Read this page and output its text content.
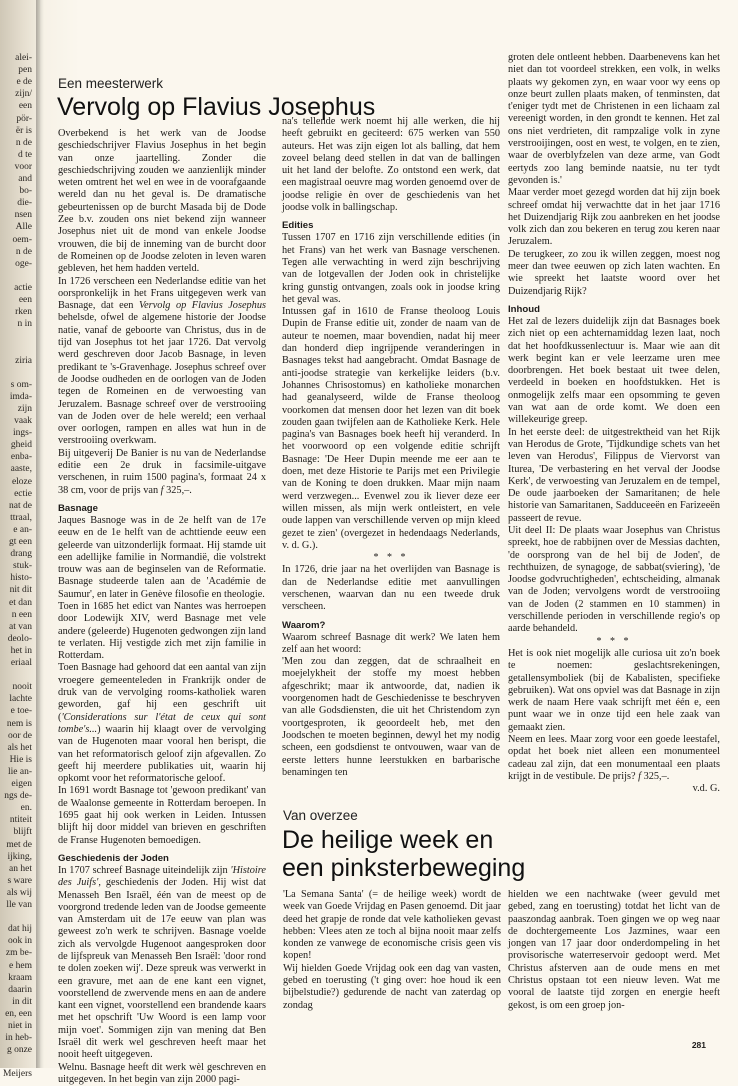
alei-
pen
e de
zijn/
een
pör-
ër is
n de
d te
voor
and
bo-
die-
nsen
Alle
oem-
n de
oge-
actie
een
rken
n in
ziria
s om-
imda-
zijn
vaak
ings-
gheid
enba-
aaste,
eloze
ectie
nat de
ttraal,
e an-
gt een
drang
stuk-
histo-
nit dit
et dan
n een
at van
deolo-
het in
eriaal
nooit
lachte
e toe-
nem is
oor de
als het
Hie is
lie an-
eigen
ngs de-
en.
ntiteit
blijft
met de
ijking,
an het
s ware
als wij
lle van
dat hij
ook in
zm be-
e hem
kraam
daarin
in dit
en, een
niet in
in heb-
g onze
Meijers
Een meesterwerk
Vervolg op Flavius Josephus

Overbekend is het werk van de Joodse geschiedschrijver Flavius Josephus in het begin van onze jaartelling. Zonder die geschiedschrijving zouden we aanzienlijk minder weten omtrent het wel en wee in de voorafgaande wereld dan nu het geval is. De dramatische gebeurtenissen op de burcht Masada bij de Dode Zee b.v. zouden ons niet bekend zijn wanneer Josephus niet uit de mond van enkele Joodse vrouwen, die bij de inneming van de burcht door de Romeinen op de Joodse zeloten in leven waren gebleven, het hem hadden verteld.

In 1726 verscheen een Nederlandse editie van het oorspronkelijk in het Frans uitgegeven werk van Basnage, dat een Vervolg op Flavius Josephus behelsde, ofwel de algemene historie der Joodse natie, vanaf de geboorte van Christus, dus in de tijd van Josephus tot het jaar 1726. Dat vervolg werd geschreven door Jacob Basnage, in leven predikant te 's-Gravenhage. Josephus schreef over de Joodse oudheden en de oorlogen van de Joden tegen de Romeinen en de verwoesting van Jeruzalem. Basnage schreef over de verstrooiing van de Joden over de hele wereld; een verhaal over oorlogen, rampen en alles wat hun in de verstrooiing overkwam.

Bij uitgeverij De Banier is nu van de Nederlandse editie een 2e druk in facsimile-uitgave verschenen, in ruim 1500 pagina's, formaat 24 x 38 cm, voor de prijs van f 325,–.

Basnage

Jaques Basnoge was in de 2e helft van de 17e eeuw en de 1e helft van de achttiende eeuw een geleerde van uitzonderlijk formaat. Hij stamde uit een adellijke familie in Normandië, die volstrekt trouw was aan de beginselen van de Reformatie. Basnage studeerde talen aan de 'Académie de Saumur', en later in Genève filosofie en theologie.

Toen in 1685 het edict van Nantes was herroepen door Lodewijk XIV, werd Basnage met vele andere (geleerde) Hugenoten gedwongen zijn land te verlaten. Hij vestigde zich met zijn familie in Rotterdam.

Toen Basnage had gehoord dat een aantal van zijn vroegere gemeenteleden in Frankrijk onder de druk van de vervolging rooms-katholiek waren geworden, gaf hij een geschrift uit ('Considerations sur l'état de ceux qui sont tombe's...) waarin hij klaagt over de vervolging van de Hugenoten maar vooral hen berispt, die van het reformatorisch geloof zijn afgevallen. Zo geeft hij meerdere publikaties uit, waarin hij opkomt voor het reformatorische geloof.

In 1691 wordt Basnage tot 'gewoon predikant' van de Waalonse gemeente in Rotterdam beroepen. In 1695 gaat hij ook werken in Leiden. Intussen blijft hij door middel van brieven en geschriften de Franse Hugenoten bemoedigen.

Geschiedenis der Joden

In 1707 schreef Basnage uiteindelijk zijn 'Histoire des Juifs', geschiedenis der Joden. Hij wist dat Menasseh Ben Israël, één van de meest op de voorgrond tredende leden van de Joodse gemeente van Amsterdam uit de 17e eeuw van plan was geweest zo'n werk te schrijven. Basnage voelde zich als vervolgde Hugenoot aangesproken door de lijfspreuk van Menasseh Ben Israël: 'door rond te dolen zoeken wij'. Deze spreuk was verwerkt in een gravure, met aan de ene kant een vignet, voorstellend de zwervende mens en aan de andere kant een vignet, voorstellend een brandende kaars met het opschrift 'Uw Woord is een lamp voor mijn voet'. Sommigen zijn van mening dat Ben Israël dit werk wel geschreven heeft maar het nooit heeft uitgegeven.

Welnu. Basnage heeft dit werk wèl geschreven en uitgegeven. In het begin van zijn 2000 pagi-

na's tellende werk noemt hij alle werken, die hij heeft gebruikt en geciteerd: 675 werken van 550 auteurs. Het was zijn eigen lot als balling, dat hem zoveel belang deed stellen in dat van de ballingen uit het land der belofte. Zo ontstond een werk, dat een magistraal oeuvre mag worden genoemd over de joodse religie èn over de geschiedenis van het joodse volk in ballingschap.

Edities

Tussen 1707 en 1716 zijn verschillende edities (in het Frans) van het werk van Basnage verschenen. Tegen alle verwachting in werd zijn beschrijving van de lotgevallen der Joden ook in christelijke kring gunstig ontvangen, zoals ook in joodse kring het geval was.

Intussen gaf in 1610 de Franse theoloog Louis Dupin de Franse editie uit, zonder de naam van de auteur te noemen, maar bovendien, nadat hij meer dan honderd diep ingrijpende veranderingen in Basnages tekst had aangebracht. Omdat Basnage de anti-joodse strategie van kerkelijke leiders (b.v. Johannes Chrisostomus) en katholieke monarchen had geanalyseerd, wilde de Franse theoloog voorkomen dat mensen door het lezen van dit boek zouden gaan twijfelen aan de Katholieke Kerk. Hele pagina's van Basnages boek heeft hij veranderd. In het voorwoord op een volgende editie schrijft Basnage: 'De Heer Dupin meende me eer aan te doen, met deze Historie te Parijs met een Privilegie van de Koning te doen drukken. Maar mijn naam werd verzwegen... Evenwel zou ik liever deze eer willen missen, als mijn werk ontleistert, en vele oude lappen van verschillende verven op mijn kleed gezet te zien' (overgezet in hedendaags Nederlands, v. d. G.).

* * *

In 1726, drie jaar na het overlijden van Basnage is dan de Nederlandse editie met aanvullingen verschenen, waarvan dan nu een tweede druk verscheen.

Waarom?

Waarom schreef Basnage dit werk? We laten hem zelf aan het woord:

'Men zou dan zeggen, dat de schraalheit en moejelykheit der stoffe my moest hebben afgeschrikt; maar ik antwoorde, dat, nadien ik voorgenomen hadt de Geschiedenisse te beschryven van alle Godsdiensten, die uit het Christendom zyn voortgesproten, ik geoordeelt heb, met den Joodschen te moeten beginnen, dewyl het my nodig scheen, een godsdienst te ontvouwen, waar van de eerste letters hunne leerstukken en barbarische benamingen ten

groten dele ontleent hebben. Daarbenevens kan het niet dan tot voordeel strekken, een volk, in welks plaats wy gekomen zyn, en waar voor wy eens op onze beurt zullen plaats maken, of tenminsten, dat t'eniger tydt met de Christenen in een lichaam zal vereenigt worden, in den grondt te kennen. Het zal ons niet verdrieten, dit rampzalige volk in zyne verstrooijingen, oost en west, te volgen, en te zien, waar de overblyfzelen van deze arme, van Godt eertyds zoo lang beminde naatsie, nu ter tydt gevonden is.'

Maar verder moet gezegd worden dat hij zijn boek schreef omdat hij verwachtte dat in het jaar 1716 het Duizendjarig Rijk zou aanbreken en het joodse volk zich dan zou bekeren en terug zou keren naar Jeruzalem.

De terugkeer, zo zou ik willen zeggen, moest nog meer dan twee eeuwen op zich laten wachten. En wie spreekt het laatste woord over het Duizendjarig Rijk?

Inhoud

Het zal de lezers duidelijk zijn dat Basnages boek zich niet op een achternamiddag lezen laat, noch dat het hoofdkussenlectuur is. Maar wie aan dit werk begint kan er vele leerzame uren mee doorbrengen. Het boek bestaat uit twee delen, verdeeld in boeken en hoofdstukken. Het is onmogelijk zelfs maar een opsomming te geven van wat aan de orde komt. We doen een willekeurige greep.

In het eerste deel: de uitgestrektheid van het Rijk van Herodus de Grote, 'Tijdkundige schets van het leven van Herodus', Filippus de Viervorst van Iturea, 'De verbastering en het verval der Joodse Kerk', de verwoesting van Jeruzalem en de tempel, De oude jaarboeken der Samaritanen; de hele historie van Samaritanen, Sadduceeën en Farizeeën passeert de revue.

Uit deel II: De plaats waar Josephus van Christus spreekt, hoe de rabbijnen over de Messias dachten, 'de oorsprong van de hel bij de Joden', de rechthuizen, de synagoge, de sabbat(sviering), 'de Joodse godvruchtigheden', echtscheiding, almanak van de Joden; vervolgens wordt de verstrooiing van de Joden (2 stammen en 10 stammen) in verschillende perioden in verschillende regio's op aarde behandeld.

* * *

Het is ook niet mogelijk alle curiosa uit zo'n boek te noemen: geslachtsrekeningen, getallensymboliek (bij de Kabalisten, specifieke gebruiken). Wat ons opviel was dat Basnage in zijn werk de naam Here vaak schrijft met één e, een punt waar we in onze tijd een hele zaak van gemaakt zien.

Neem en lees. Maar zorg voor een goede leestafel, opdat het boek niet alleen een monumenteel cadeau zal zijn, dat een monumentaal een plaats krijgt in de vestibule. De prijs? f 325,–.

v.d. G.

Van overzee
De heilige week en
een pinksterbeweging

'La Semana Santa' (= de heilige week) wordt de week van Goede Vrijdag en Pasen genoemd. Dit jaar deed het grapje de ronde dat vele katholieken gevast hebben: Vlees aten ze toch al bijna nooit maar zelfs konden ze vanwege de economische crisis geen vis kopen!

Wij hielden Goede Vrijdag ook een dag van vasten, gebed en toerusting ('t ging over: hoe houd ik een bijbelstudie?) gedurende de nacht van zaterdag op zondag

hielden we een nachtwake (weer gevuld met gebed, zang en toerusting) totdat het licht van de paaszondag aanbrak. Toen gingen we op weg naar de dochtergemeente Los Jazmines, waar een jongen van 17 jaar door onderdompeling in het provisorische waterreservoir gedoopt werd. Met Christus afsterven aan de oude mens en met Christus opstaan tot een nieuw leven. Wat me vooral de laatste tijd zorgen en energie heeft gekost, is om een groep jon-

281
